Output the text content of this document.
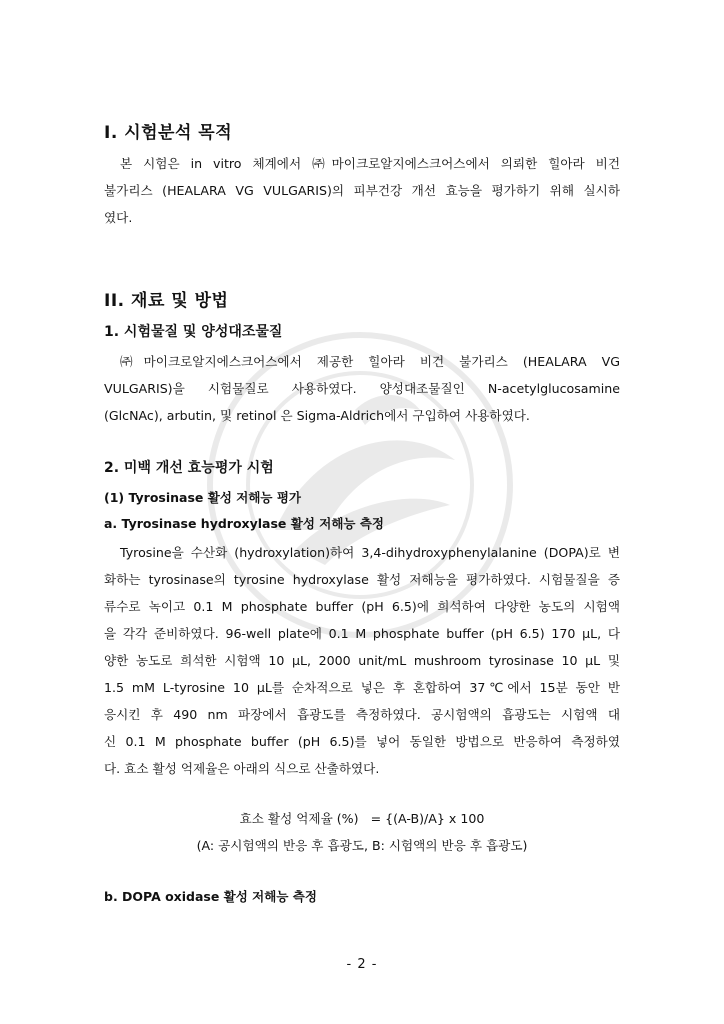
I. 시험분석 목적
본 시험은 in vitro 체계에서 ㈜마이크로알지에스크어스에서 의뢰한 힐아라 비건
불가리스 (HEALARA VG VULGARIS)의 피부건강 개선 효능을 평가하기 위해 실시하
였다.
II. 재료 및 방법
1. 시험물질 및 양성대조물질
㈜마이크로알지에스크어스에서 제공한 힐아라 비건 불가리스 (HEALARA VG
VULGARIS)을 시험물질로 사용하였다. 양성대조물질인 N-acetylglucosamine
(GlcNAc), arbutin, 및 retinol 은 Sigma-Aldrich에서 구입하여 사용하였다.
2. 미백 개선 효능평가 시험
(1) Tyrosinase 활성 저해능 평가
a. Tyrosinase hydroxylase 활성 저해능 측정
Tyrosine을 수산화 (hydroxylation)하여 3,4-dihydroxyphenylalanine (DOPA)로 변
화하는 tyrosinase의 tyrosine hydroxylase 활성 저해능을 평가하였다. 시험물질을 증
류수로 녹이고 0.1 M phosphate buffer (pH 6.5)에 희석하여 다양한 농도의 시험액
을 각각 준비하였다. 96-well plate에 0.1 M phosphate buffer (pH 6.5) 170 μL, 다
양한 농도로 희석한 시험액 10 μL, 2000 unit/mL mushroom tyrosinase 10 μL 및
1.5 mM L-tyrosine 10 μL를 순차적으로 넣은 후 혼합하여 37℃에서 15분 동안 반
응시킨 후 490 nm 파장에서 흡광도를 측정하였다. 공시험액의 흡광도는 시험액 대
신 0.1 M phosphate buffer (pH 6.5)를 넣어 동일한 방법으로 반응하여 측정하였
다. 효소 활성 억제율은 아래의 식으로 산출하였다.
효소 활성 억제율 (%)   = {(A-B)/A} x 100
(A: 공시험액의 반응 후 흡광도, B: 시험액의 반응 후 흡광도)
b. DOPA oxidase 활성 저해능 측정
- 2 -
